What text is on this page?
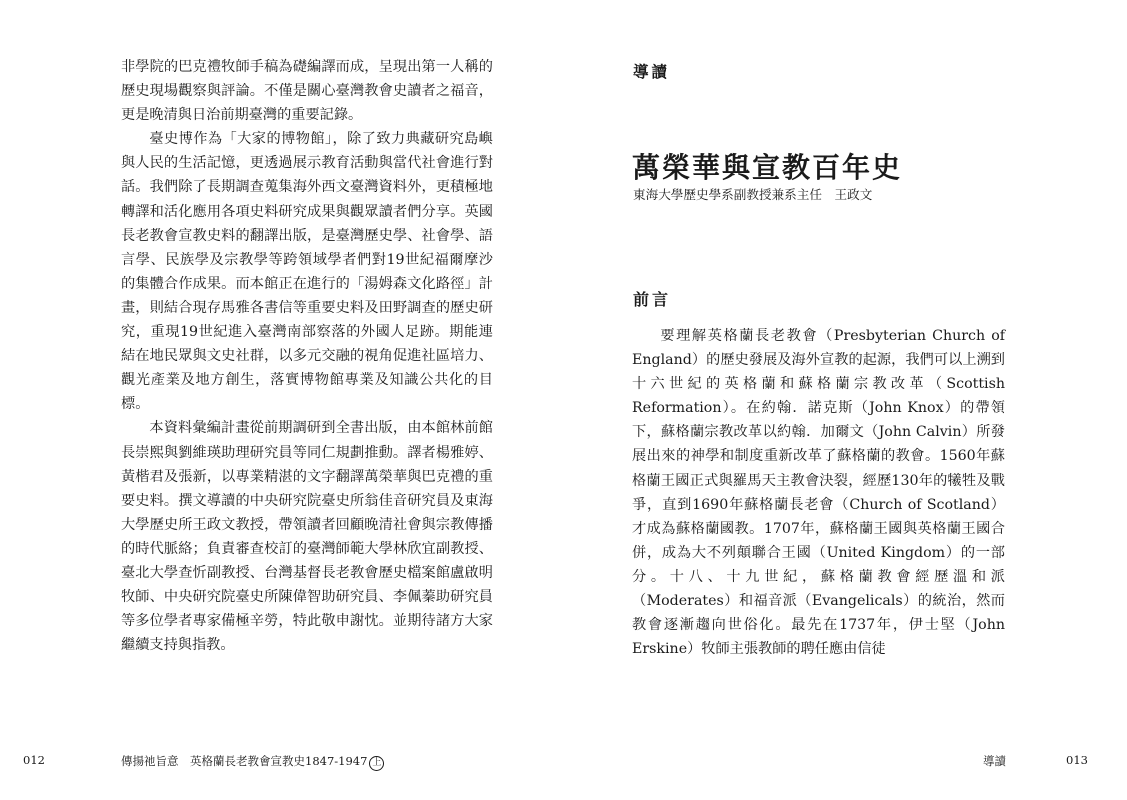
非學院的巴克禮牧師手稿為礎編譯而成，呈現出第一人稱的歷史現場觀察與評論。不僅是關心臺灣教會史讀者之福音，更是晚清與日治前期臺灣的重要記錄。

臺史博作為「大家的博物館」，除了致力典藏研究島嶼與人民的生活記憶，更透過展示教育活動與當代社會進行對話。我們除了長期調查蒐集海外西文臺灣資料外，更積極地轉譯和活化應用各項史料研究成果與觀眾讀者們分享。英國長老教會宣教史料的翻譯出版，是臺灣歷史學、社會學、語言學、民族學及宗教學等跨領域學者們對19世紀福爾摩沙的集體合作成果。而本館正在進行的「湯姆森文化路徑」計畫，則結合現存馬雅各書信等重要史料及田野調查的歷史研究，重現19世紀進入臺灣南部察落的外國人足跡。期能連結在地民眾與文史社群，以多元交融的視角促進社區培力、觀光產業及地方創生，落實博物館專業及知識公共化的目標。

本資料彙編計畫從前期調研到全書出版，由本館林前館長崇熙與劉維瑛助理研究員等同仁規劃推動。譯者楊雅婷、黃楷君及張新，以專業精湛的文字翻譯萬榮華與巴克禮的重要史料。撰文導讀的中央研究院臺史所翁佳音研究員及東海大學歷史所王政文教授，帶領讀者回顧晚清社會與宗教傳播的時代脈絡；負責審查校訂的臺灣師範大學林欣宜副教授、臺北大學查忻副教授、台灣基督長老教會歷史檔案館盧啟明牧師、中央研究院臺史所陳偉智助研究員、李佩蓁助研究員等多位學者專家備極辛勞，特此敬申謝忱。並期待諸方大家繼續支持與指教。

012	傳揚祂旨意　英格蘭長老教會宣教史1847-1947 上
導讀
萬榮華與宣教百年史
東海大學歷史學系副教授兼系主任　王政文
前言

要理解英格蘭長老教會（Presbyterian Church of England）的歷史發展及海外宣教的起源，我們可以上溯到十六世紀的英格蘭和蘇格蘭宗教改革（Scottish Reformation）。在約翰．諾克斯（John Knox）的帶領下，蘇格蘭宗教改革以約翰．加爾文（John Calvin）所發展出來的神學和制度重新改革了蘇格蘭的教會。1560年蘇格蘭王國正式與羅馬天主教會決裂，經歷130年的犧牲及戰爭，直到1690年蘇格蘭長老會（Church of Scotland）才成為蘇格蘭國教。1707年，蘇格蘭王國與英格蘭王國合併，成為大不列顛聯合王國（United Kingdom）的一部分。十八、十九世紀，蘇格蘭教會經歷溫和派（Moderates）和福音派（Evangelicals）的統治，然而教會逐漸趨向世俗化。最先在1737年，伊士堅（John Erskine）牧師主張教師的聘任應由信徒

導讀	013
